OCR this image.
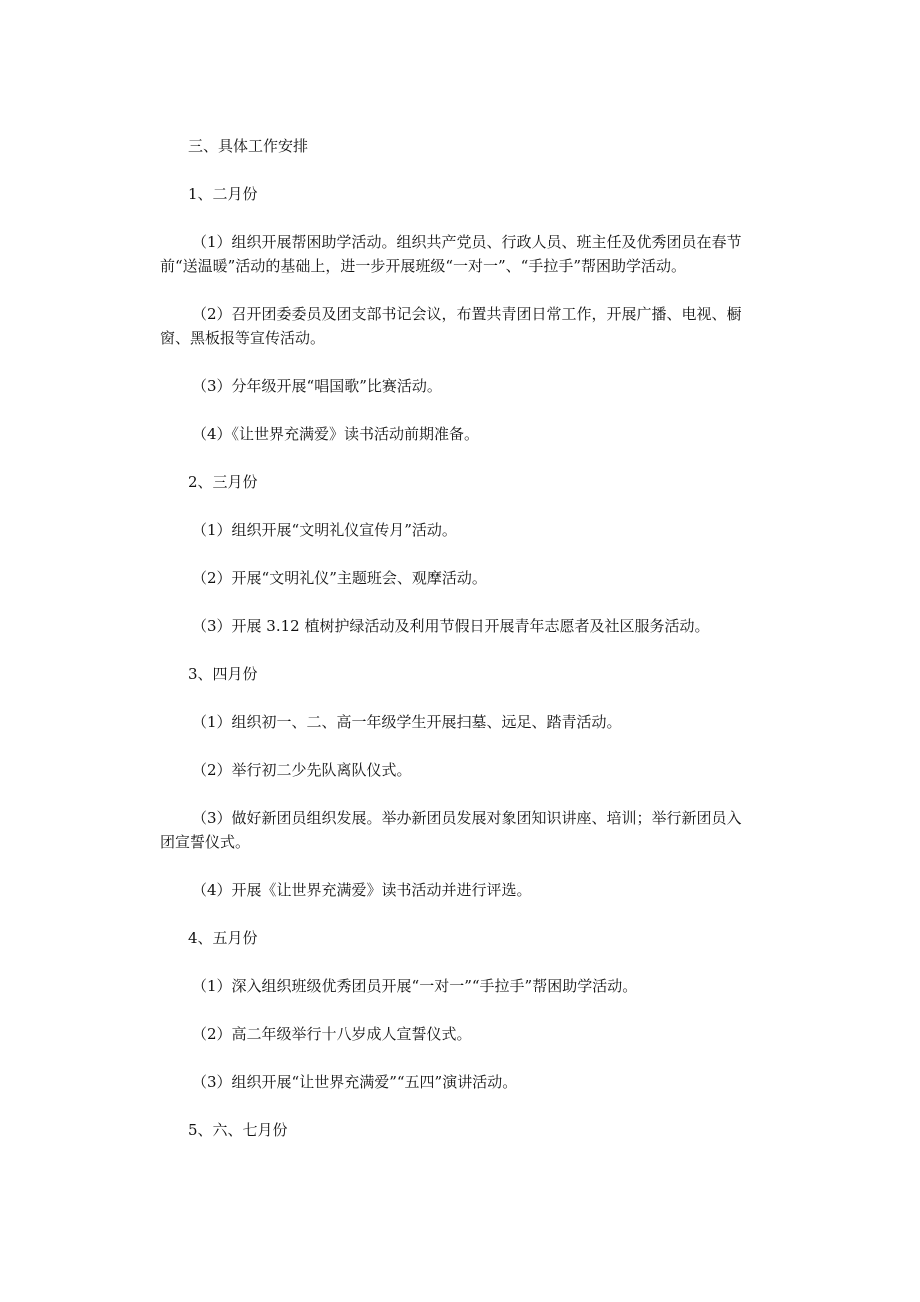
三、具体工作安排

1、二月份

（1）组织开展帮困助学活动。组织共产党员、行政人员、班主任及优秀团员在春节

前“送温暖”活动的基础上，进一步开展班级“一对一”、“手拉手”帮困助学活动。

（2）召开团委委员及团支部书记会议，布置共青团日常工作，开展广播、电视、橱

窗、黑板报等宣传活动。

（3）分年级开展“唱国歌”比赛活动。

（4）《让世界充满爱》读书活动前期准备。

2、三月份

（1）组织开展“文明礼仪宣传月”活动。

（2）开展“文明礼仪”主题班会、观摩活动。

（3）开展 3.12 植树护绿活动及利用节假日开展青年志愿者及社区服务活动。

3、四月份

（1）组织初一、二、高一年级学生开展扫墓、远足、踏青活动。

（2）举行初二少先队离队仪式。

（3）做好新团员组织发展。举办新团员发展对象团知识讲座、培训；举行新团员入

团宣誓仪式。

（4）开展《让世界充满爱》读书活动并进行评选。

4、五月份

（1）深入组织班级优秀团员开展“一对一”“手拉手”帮困助学活动。

（2）高二年级举行十八岁成人宣誓仪式。

（3）组织开展“让世界充满爱”“五四”演讲活动。

5、六、七月份
